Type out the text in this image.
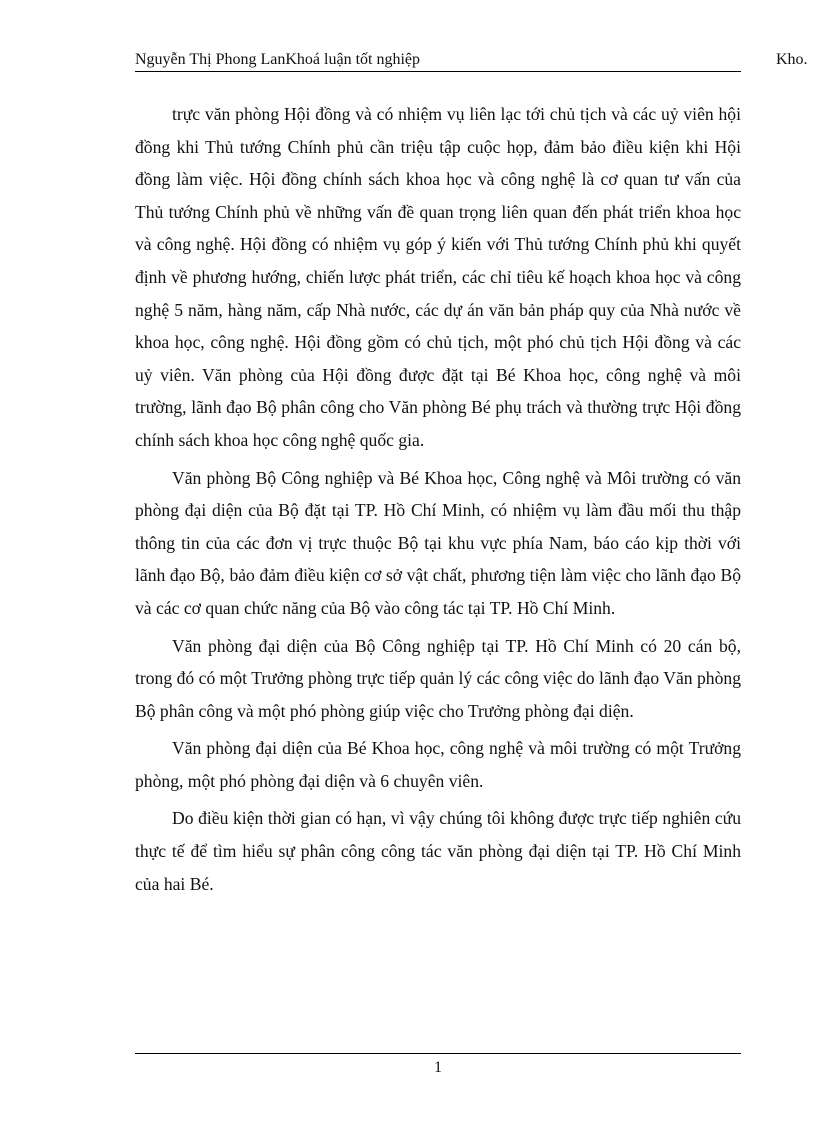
Nguyễn Thị Phong LanKhoá luận tốt nghiệp	Kho.

trực văn phòng Hội đồng và có nhiệm vụ liên lạc tới chủ tịch và các uỷ viên hội đồng khi Thủ tướng Chính phủ cần triệu tập cuộc họp, đảm bảo điều kiện khi Hội đồng làm việc. Hội đồng chính sách khoa học và công nghệ là cơ quan tư vấn của Thủ tướng Chính phủ về những vấn đề quan trọng liên quan đến phát triển khoa học và công nghệ. Hội đồng có nhiệm vụ góp ý kiến với Thủ tướng Chính phủ khi quyết định về phương hướng, chiến lược phát triển, các chỉ tiêu kế hoạch khoa học và công nghệ 5 năm, hàng năm, cấp Nhà nước, các dự án văn bản pháp quy của Nhà nước về khoa học, công nghệ. Hội đồng gồm có chủ tịch, một phó chủ tịch Hội đồng và các uỷ viên. Văn phòng của Hội đồng được đặt tại Bé Khoa học, công nghệ và môi trường, lãnh đạo Bộ phân công cho Văn phòng Bé phụ trách và thường trực Hội đồng chính sách khoa học công nghệ quốc gia.

Văn phòng Bộ Công nghiệp và Bé Khoa học, Công nghệ và Môi trường có văn phòng đại diện của Bộ đặt tại TP. Hồ Chí Minh, có nhiệm vụ làm đầu mối thu thập thông tin của các đơn vị trực thuộc Bộ tại khu vực phía Nam, báo cáo kịp thời với lãnh đạo Bộ, bảo đảm điều kiện cơ sở vật chất, phương tiện làm việc cho lãnh đạo Bộ và các cơ quan chức năng của Bộ vào công tác tại TP. Hồ Chí Minh.

Văn phòng đại diện của Bộ Công nghiệp tại TP. Hồ Chí Minh có 20 cán bộ, trong đó có một Trưởng phòng trực tiếp quản lý các công việc do lãnh đạo Văn phòng Bộ phân công và một phó phòng giúp việc cho Trưởng phòng đại diện.

Văn phòng đại diện của Bé Khoa học, công nghệ và môi trường có một Trưởng phòng, một phó phòng đại diện và 6 chuyên viên.

Do điều kiện thời gian có hạn, vì vậy chúng tôi không được trực tiếp nghiên cứu thực tế để tìm hiểu sự phân công công tác văn phòng đại diện tại TP. Hồ Chí Minh của hai Bé.

1
